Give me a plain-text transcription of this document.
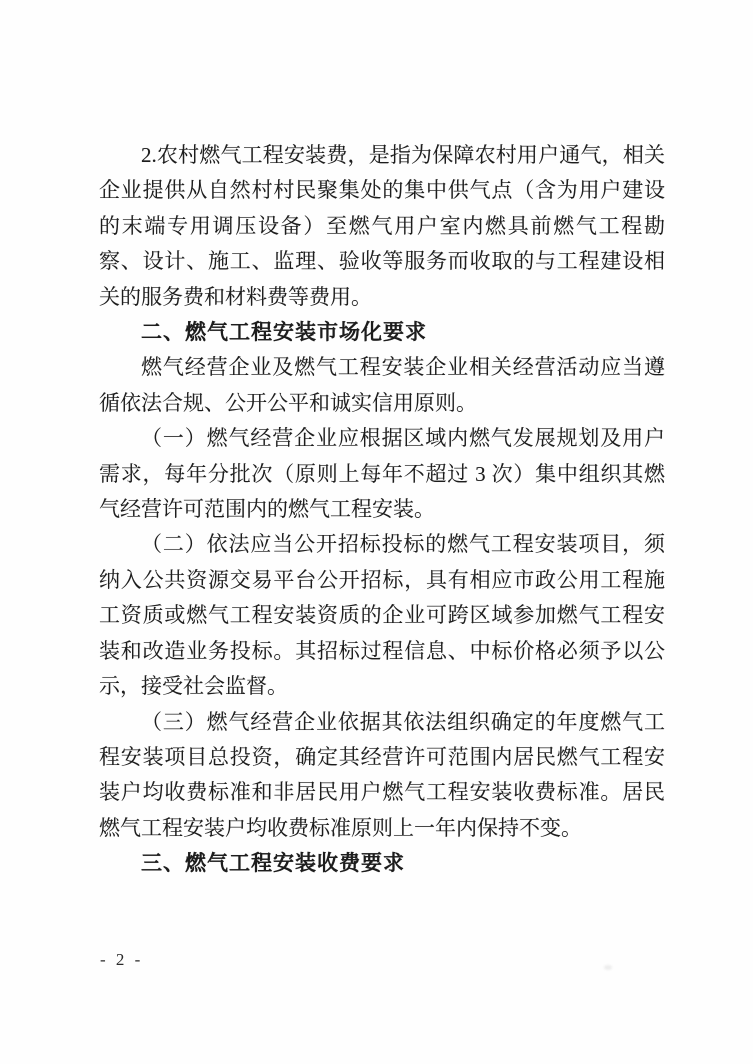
2.农村燃气工程安装费，是指为保障农村用户通气，相关企业提供从自然村村民聚集处的集中供气点（含为用户建设的末端专用调压设备）至燃气用户室内燃具前燃气工程勘察、设计、施工、监理、验收等服务而收取的与工程建设相关的服务费和材料费等费用。

二、燃气工程安装市场化要求

燃气经营企业及燃气工程安装企业相关经营活动应当遵循依法合规、公开公平和诚实信用原则。

（一）燃气经营企业应根据区域内燃气发展规划及用户需求，每年分批次（原则上每年不超过 3 次）集中组织其燃气经营许可范围内的燃气工程安装。

（二）依法应当公开招标投标的燃气工程安装项目，须纳入公共资源交易平台公开招标，具有相应市政公用工程施工资质或燃气工程安装资质的企业可跨区域参加燃气工程安装和改造业务投标。其招标过程信息、中标价格必须予以公示，接受社会监督。

（三）燃气经营企业依据其依法组织确定的年度燃气工程安装项目总投资，确定其经营许可范围内居民燃气工程安装户均收费标准和非居民用户燃气工程安装收费标准。居民燃气工程安装户均收费标准原则上一年内保持不变。

三、燃气工程安装收费要求

- 2 -
